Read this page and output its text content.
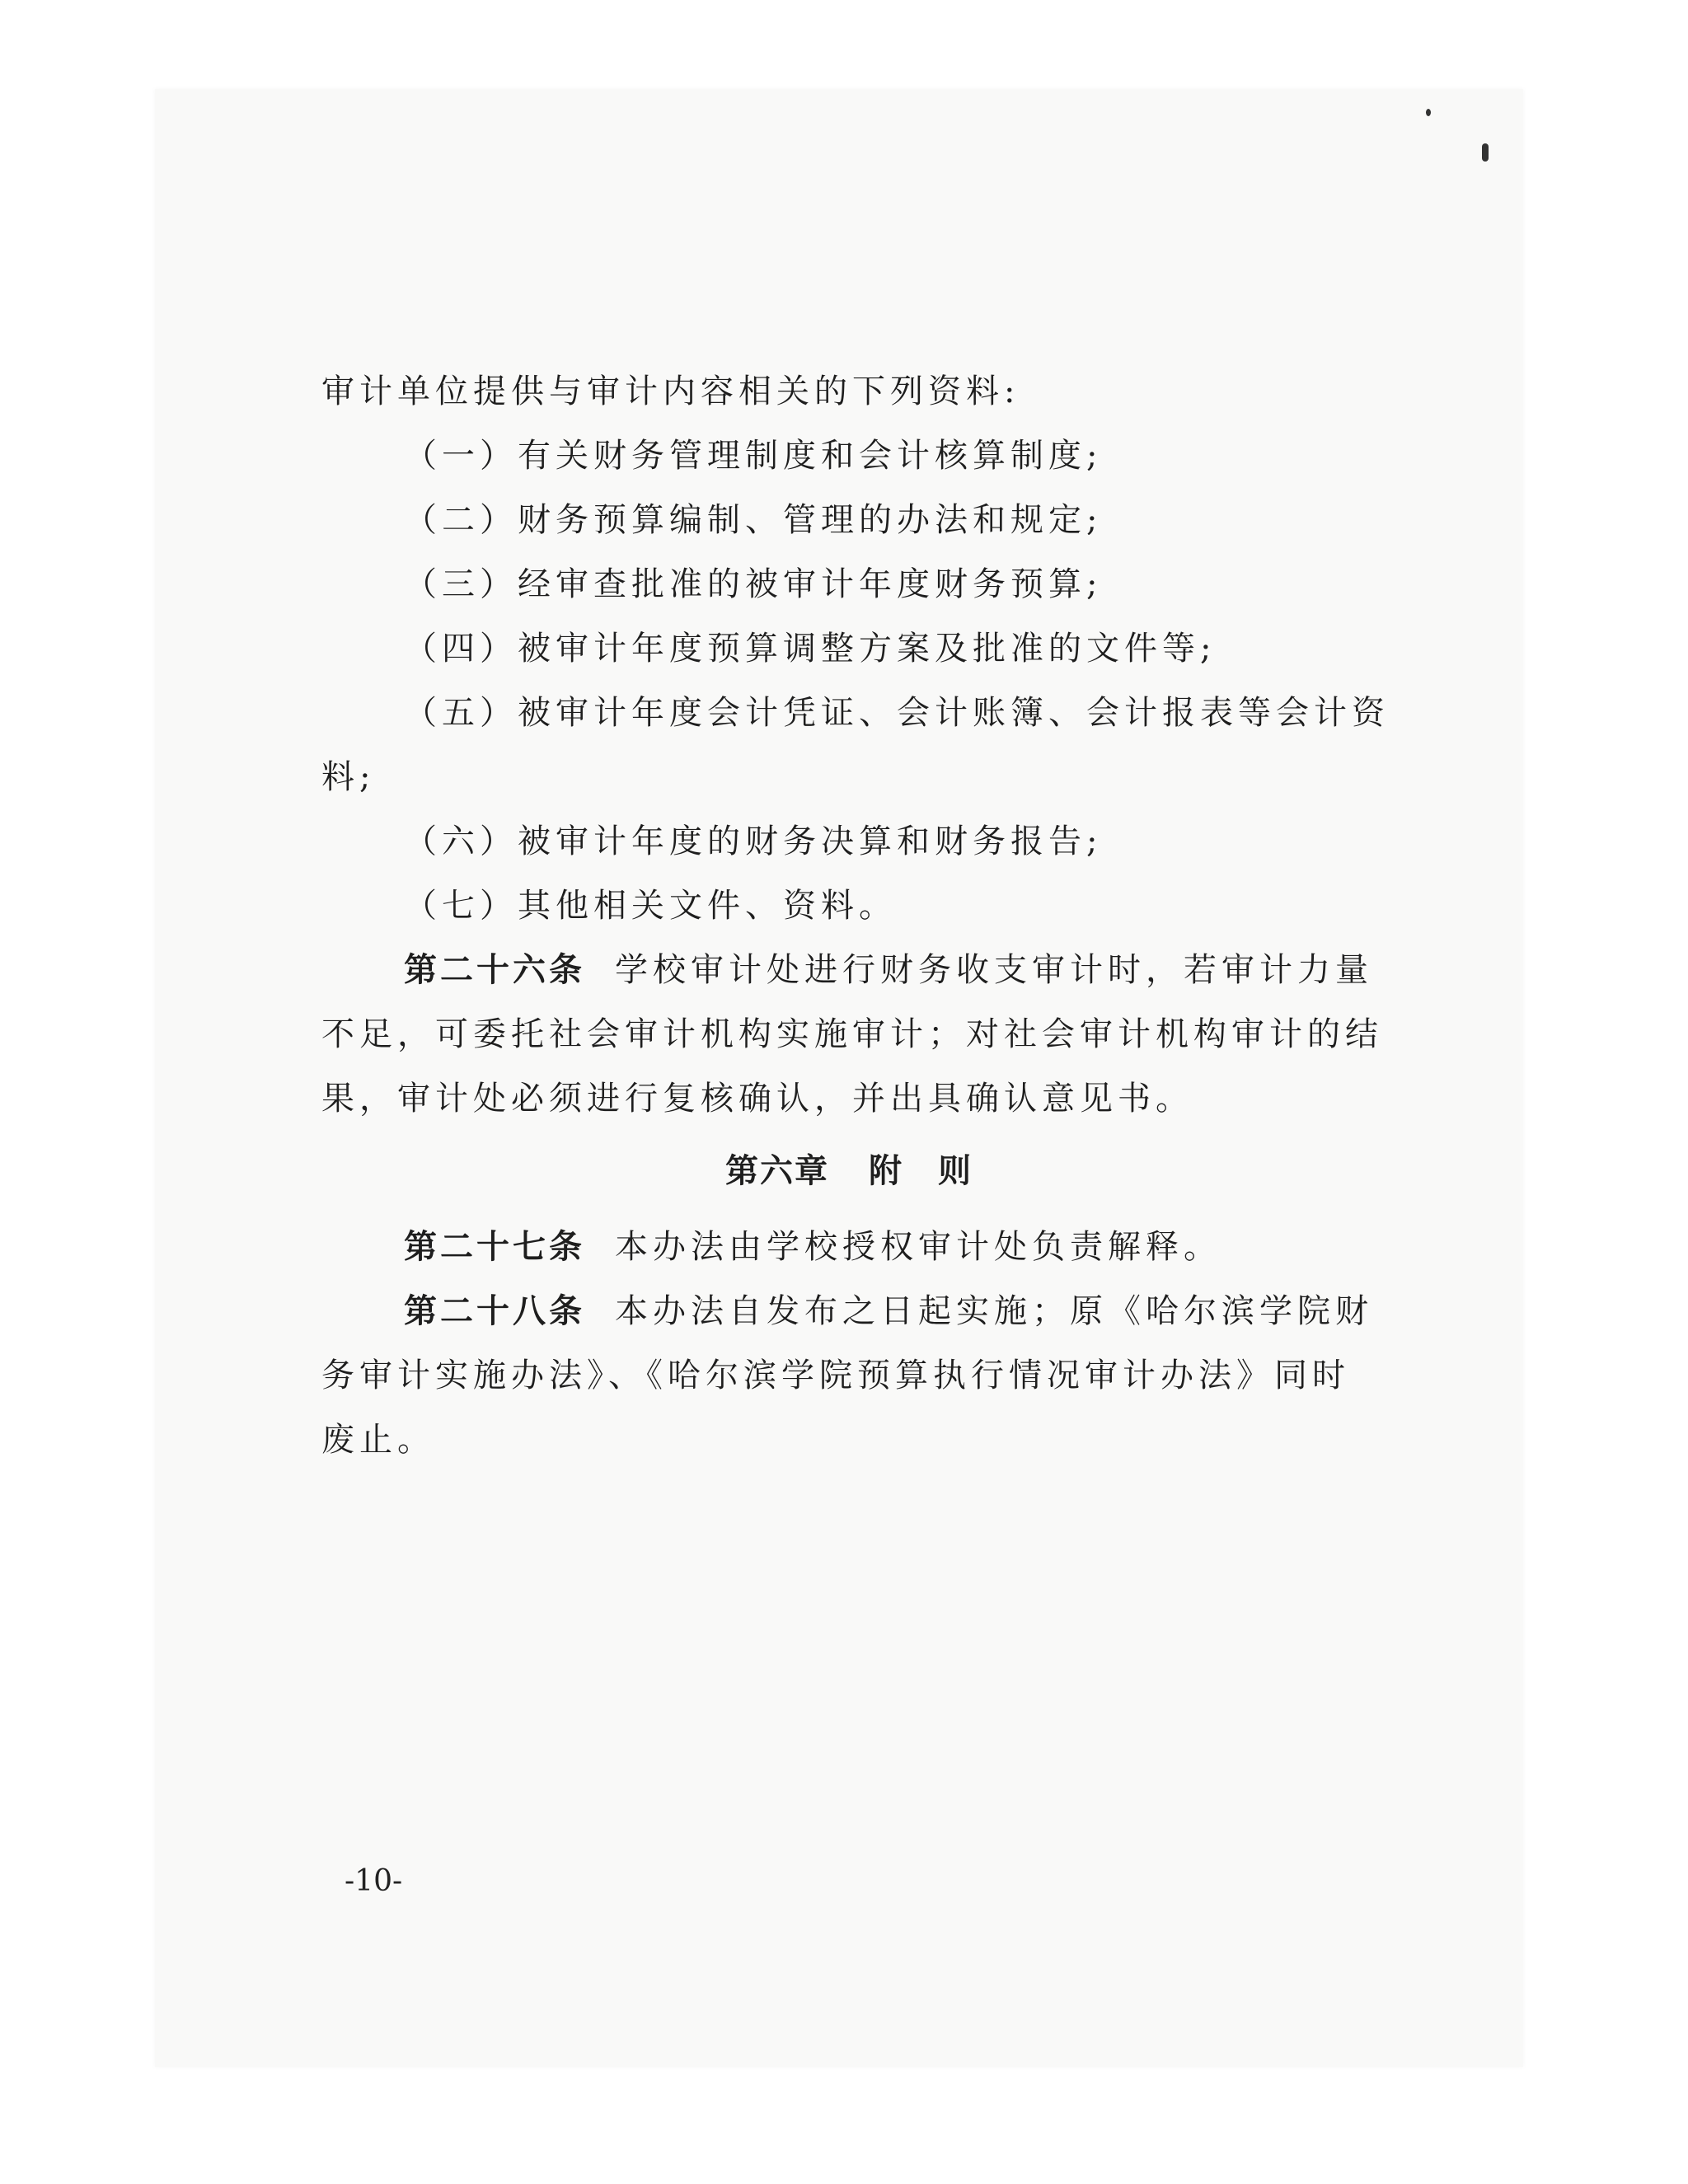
审计单位提供与审计内容相关的下列资料:
（一）有关财务管理制度和会计核算制度;
（二）财务预算编制、管理的办法和规定;
（三）经审查批准的被审计年度财务预算;
（四）被审计年度预算调整方案及批准的文件等;
（五）被审计年度会计凭证、会计账簿、会计报表等会计资
料;
（六）被审计年度的财务决算和财务报告;
（七）其他相关文件、资料。
第二十六条 学校审计处进行财务收支审计时，若审计力量
不足，可委托社会审计机构实施审计；对社会审计机构审计的结
果，审计处必须进行复核确认，并出具确认意见书。
第六章 附　则
第二十七条 本办法由学校授权审计处负责解释。
第二十八条 本办法自发布之日起实施；原《哈尔滨学院财
务审计实施办法》、《哈尔滨学院预算执行情况审计办法》同时
废止。
-10-
